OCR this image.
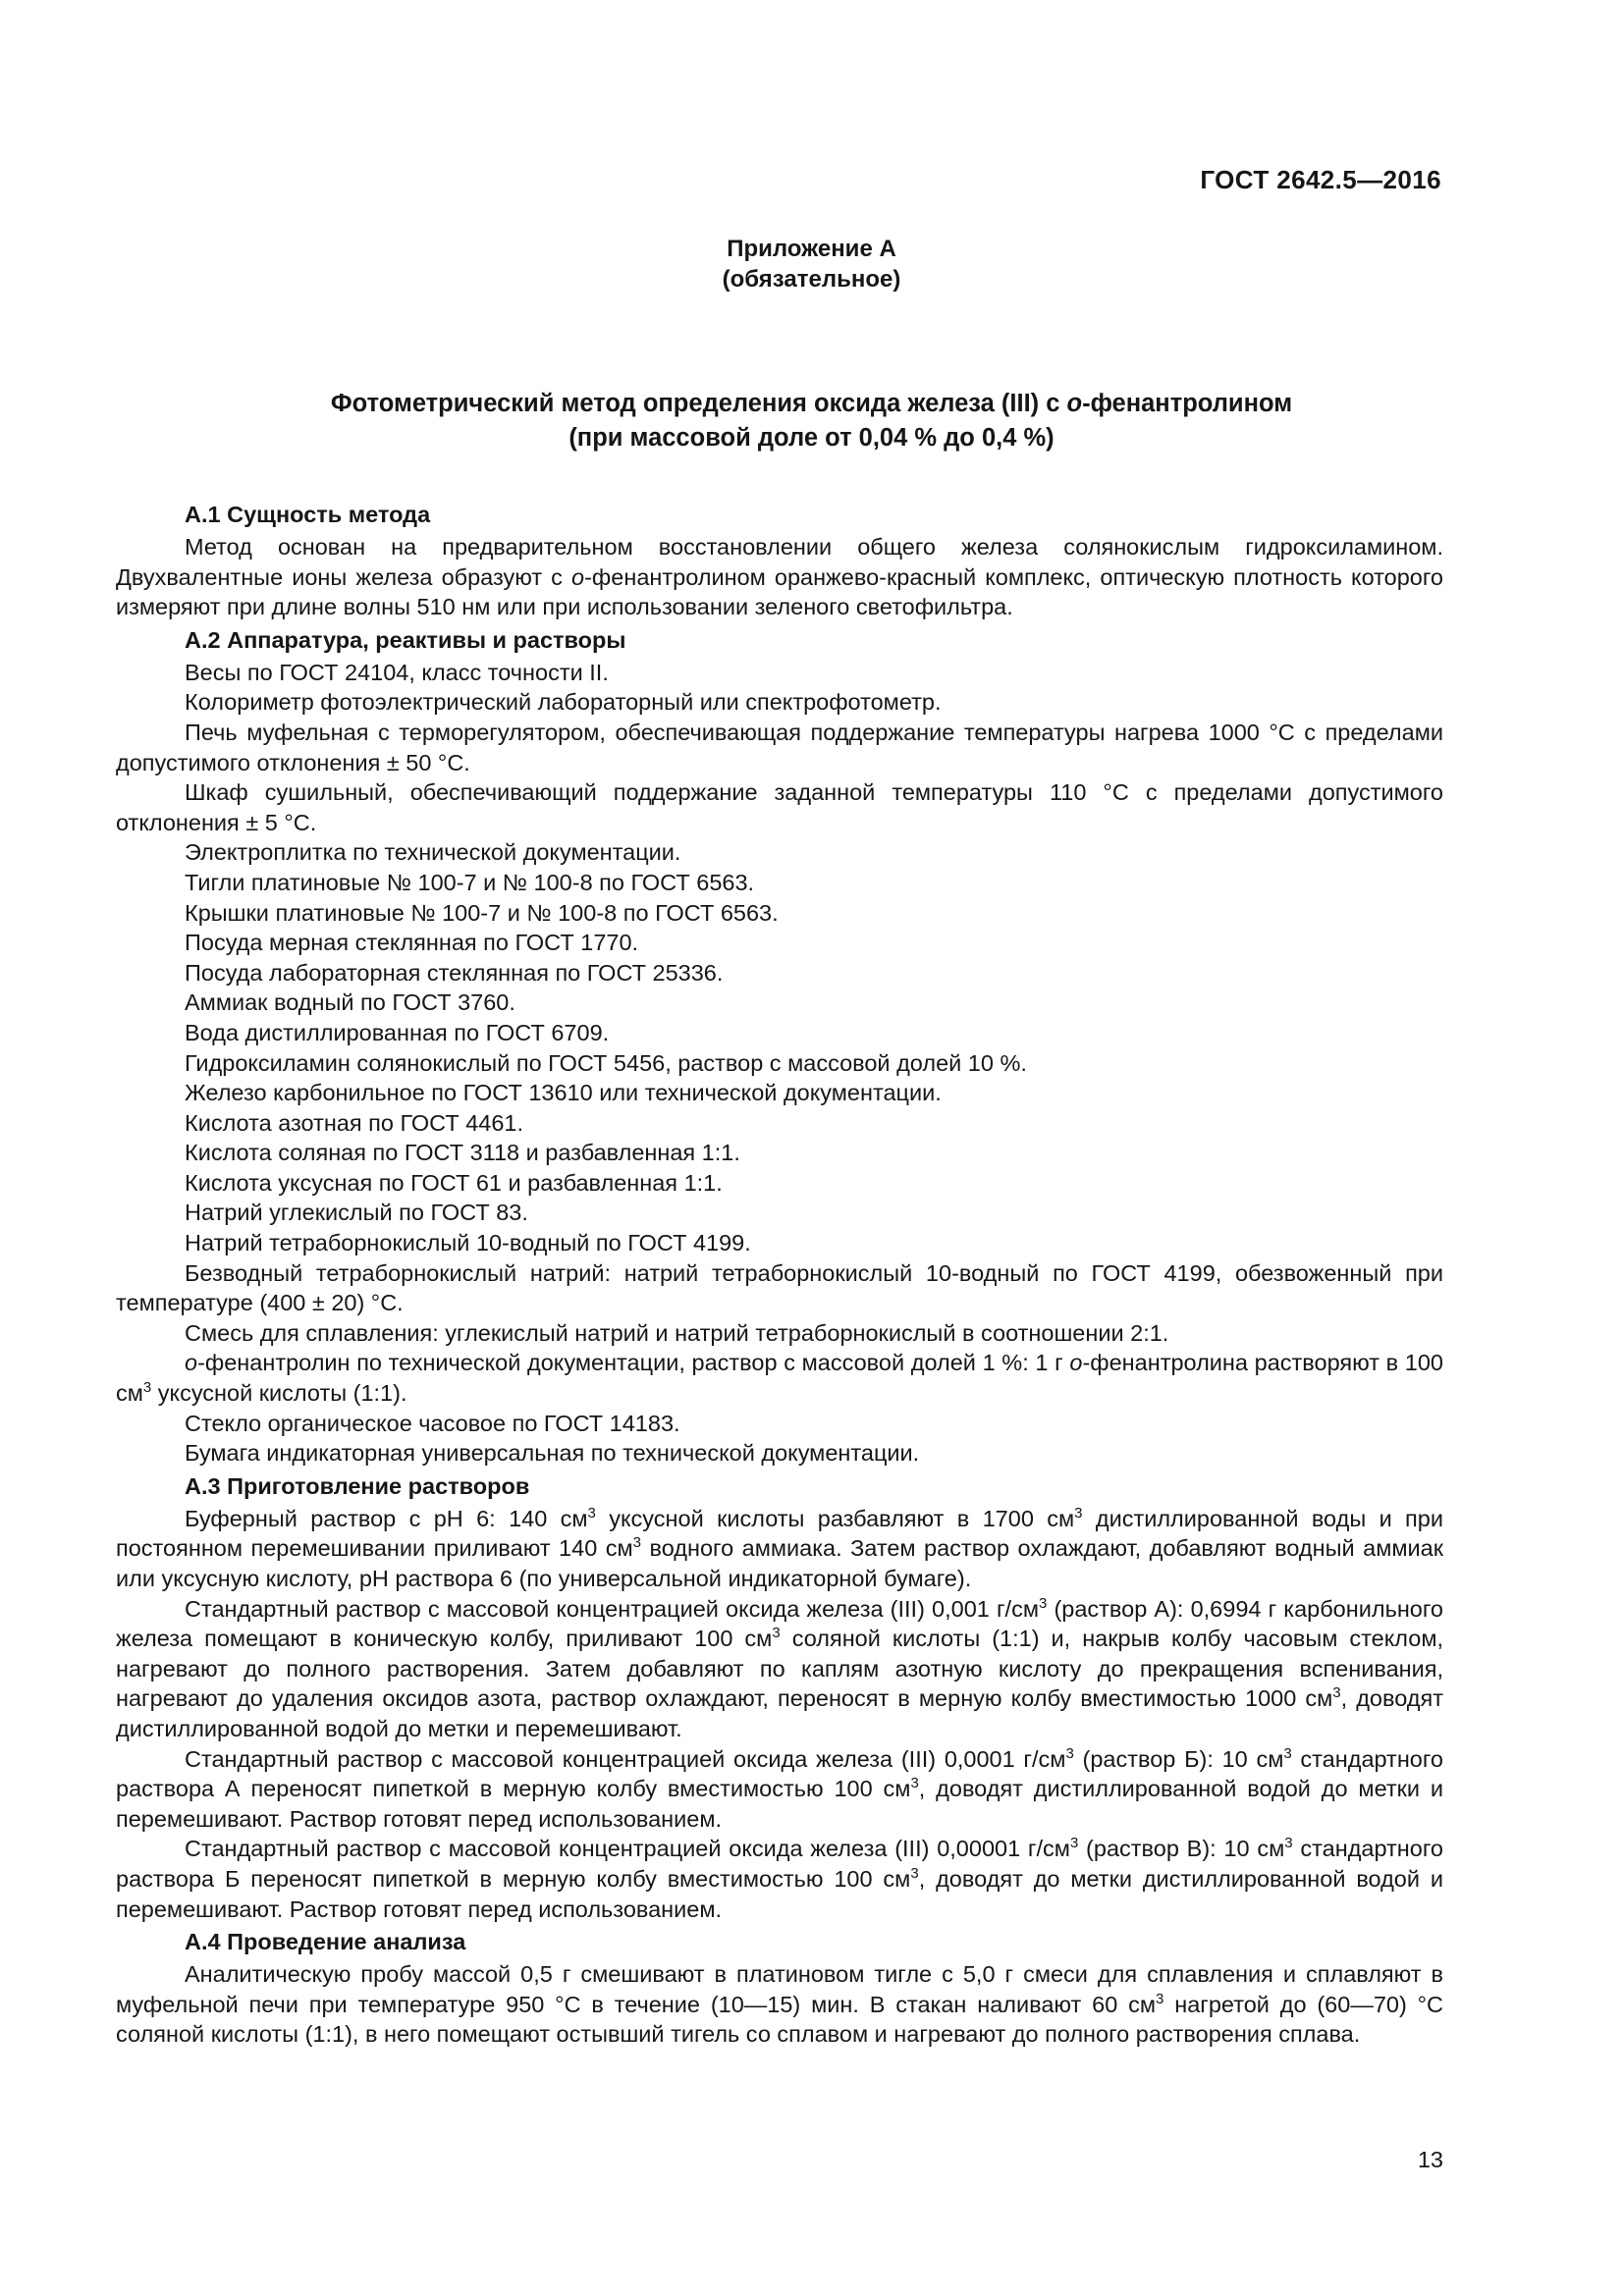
ГОСТ 2642.5—2016
Приложение А
(обязательное)
Фотометрический метод определения оксида железа (III) с о-фенантролином
(при массовой доле от 0,04 % до 0,4 %)
А.1 Сущность метода

Метод основан на предварительном восстановлении общего железа солянокислым гидроксиламином. Двухвалентные ионы железа образуют с о-фенантролином оранжево-красный комплекс, оптическую плотность которого измеряют при длине волны 510 нм или при использовании зеленого светофильтра.

А.2 Аппаратура, реактивы и растворы
Весы по ГОСТ 24104, класс точности II.
Колориметр фотоэлектрический лабораторный или спектрофотометр.

Печь муфельная с терморегулятором, обеспечивающая поддержание температуры нагрева 1000 °С с пределами допустимого отклонения ± 50 °С.

Шкаф сушильный, обеспечивающий поддержание заданной температуры 110 °С с пределами допустимого отклонения ± 5 °С.

Электроплитка по технической документации.
Тигли платиновые № 100-7 и № 100-8 по ГОСТ 6563.
Крышки платиновые № 100-7 и № 100-8 по ГОСТ 6563.
Посуда мерная стеклянная по ГОСТ 1770.
Посуда лабораторная стеклянная по ГОСТ 25336.
Аммиак водный по ГОСТ 3760.
Вода дистиллированная по ГОСТ 6709.
Гидроксиламин солянокислый по ГОСТ 5456, раствор с массовой долей 10 %.
Железо карбонильное по ГОСТ 13610 или технической документации.
Кислота азотная по ГОСТ 4461.
Кислота соляная по ГОСТ 3118 и разбавленная 1:1.
Кислота уксусная по ГОСТ 61 и разбавленная 1:1.
Натрий углекислый по ГОСТ 83.
Натрий тетраборнокислый 10-водный по ГОСТ 4199.

Безводный тетраборнокислый натрий: натрий тетраборнокислый 10-водный по ГОСТ 4199, обезвоженный при температуре (400 ± 20) °С.

Смесь для сплавления: углекислый натрий и натрий тетраборнокислый в соотношении 2:1.

о-фенантролин по технической документации, раствор с массовой долей 1 %: 1 г о-фенантролина растворяют в 100 $см^3$ уксусной кислоты (1:1).

Стекло органическое часовое по ГОСТ 14183.
Бумага индикаторная универсальная по технической документации.
А.3 Приготовление растворов

Буферный раствор с рН 6: 140 $см^3$ уксусной кислоты разбавляют в 1700 $см^3$ дистиллированной воды и при постоянном перемешивании приливают 140 $см^3$ водного аммиака. Затем раствор охлаждают, добавляют водный аммиак или уксусную кислоту, рН раствора 6 (по универсальной индикаторной бумаге).

Стандартный раствор с массовой концентрацией оксида железа (III) 0,001 $г/см^3$ (раствор А): 0,6994 г карбонильного железа помещают в коническую колбу, приливают 100 $см^3$ соляной кислоты (1:1) и, накрыв колбу часовым стеклом, нагревают до полного растворения. Затем добавляют по каплям азотную кислоту до прекращения вспенивания, нагревают до удаления оксидов азота, раствор охлаждают, переносят в мерную колбу вместимостью 1000 $см^3$, доводят дистиллированной водой до метки и перемешивают.

Стандартный раствор с массовой концентрацией оксида железа (III) 0,0001 $г/см^3$ (раствор Б): 10 $см^3$ стандартного раствора А переносят пипеткой в мерную колбу вместимостью 100 $см^3$, доводят дистиллированной водой до метки и перемешивают. Раствор готовят перед использованием.

Стандартный раствор с массовой концентрацией оксида железа (III) 0,00001 $г/см^3$ (раствор В): 10 $см^3$ стандартного раствора Б переносят пипеткой в мерную колбу вместимостью 100 $см^3$, доводят до метки дистиллированной водой и перемешивают. Раствор готовят перед использованием.

А.4 Проведение анализа

Аналитическую пробу массой 0,5 г смешивают в платиновом тигле с 5,0 г смеси для сплавления и сплавляют в муфельной печи при температуре 950 °С в течение (10—15) мин. В стакан наливают 60 $см^3$ нагретой до (60—70) °С соляной кислоты (1:1), в него помещают остывший тигель со сплавом и нагревают до полного растворения сплава.

13
